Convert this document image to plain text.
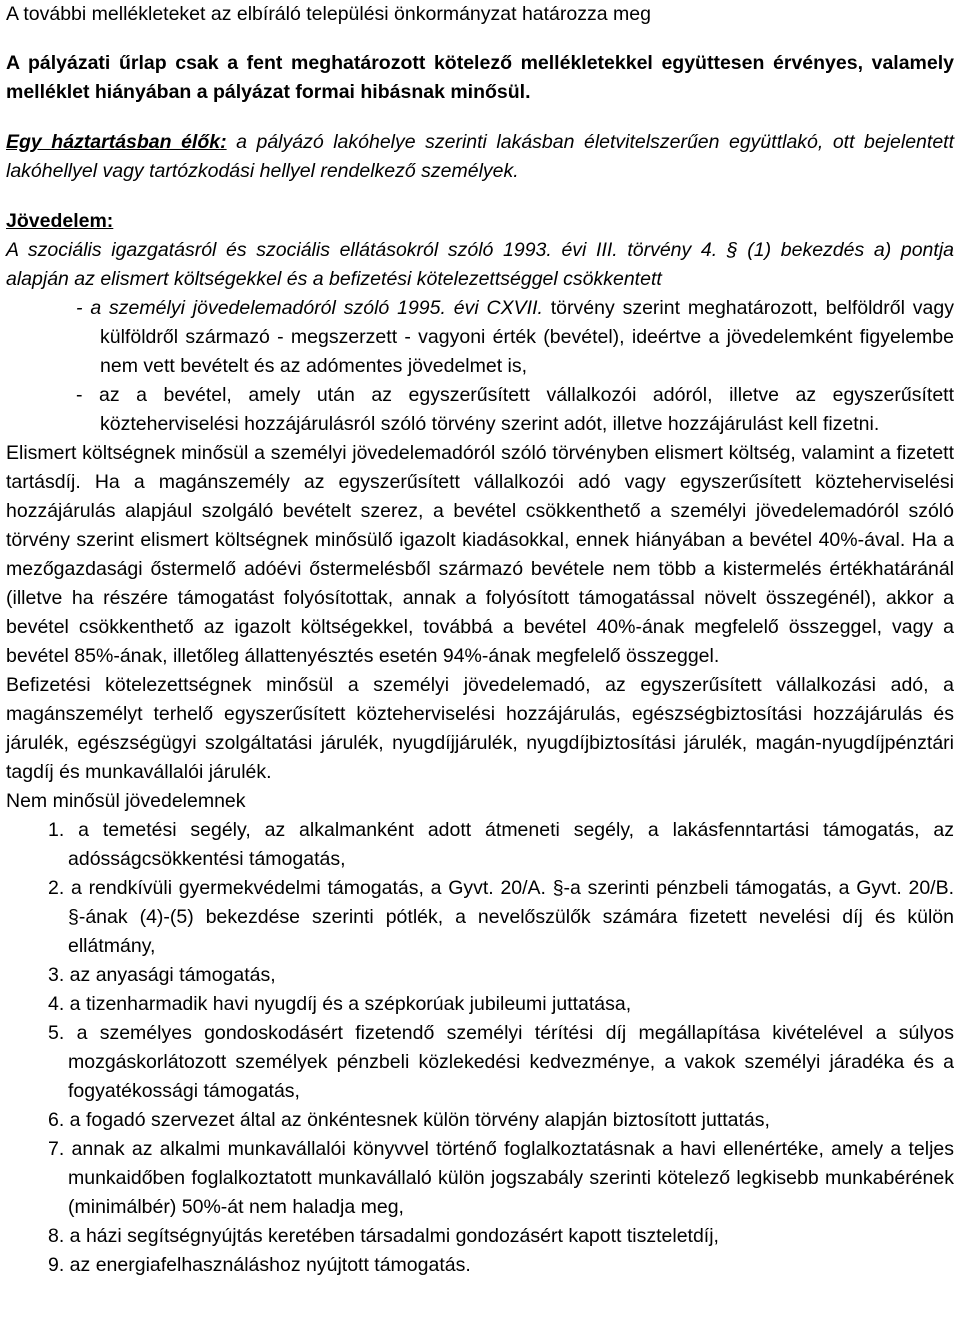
A további mellékleteket az elbíráló települési önkormányzat határozza meg

A pályázati űrlap csak a fent meghatározott kötelező mellékletekkel együttesen érvényes, valamely melléklet hiányában a pályázat formai hibásnak minősül.

Egy háztartásban élők: a pályázó lakóhelye szerinti lakásban életvitelszerűen együttlakó, ott bejelentett lakóhellyel vagy tartózkodási hellyel rendelkező személyek.

Jövedelem:

A szociális igazgatásról és szociális ellátásokról szóló 1993. évi III. törvény 4. § (1) bekezdés a) pontja alapján az elismert költségekkel és a befizetési kötelezettséggel csökkentett

- a személyi jövedelemadóról szóló 1995. évi CXVII. törvény szerint meghatározott, belföldről vagy külföldről származó - megszerzett - vagyoni érték (bevétel), ideértve a jövedelemként figyelembe nem vett bevételt és az adómentes jövedelmet is,

- az a bevétel, amely után az egyszerűsített vállalkozói adóról, illetve az egyszerűsített közteherviselési hozzájárulásról szóló törvény szerint adót, illetve hozzájárulást kell fizetni.

Elismert költségnek minősül a személyi jövedelemadóról szóló törvényben elismert költség, valamint a fizetett tartásdíj. Ha a magánszemély az egyszerűsített vállalkozói adó vagy egyszerűsített közteherviselési hozzájárulás alapjául szolgáló bevételt szerez, a bevétel csökkenthető a személyi jövedelemadóról szóló törvény szerint elismert költségnek minősülő igazolt kiadásokkal, ennek hiányában a bevétel 40%-ával. Ha a mezőgazdasági őstermelő adóévi őstermelésből származó bevétele nem több a kistermelés értékhatáránál (illetve ha részére támogatást folyósítottak, annak a folyósított támogatással növelt összegénél), akkor a bevétel csökkenthető az igazolt költségekkel, továbbá a bevétel 40%-ának megfelelő összeggel, vagy a bevétel 85%-ának, illetőleg állattenyésztés esetén 94%-ának megfelelő összeggel.

Befizetési kötelezettségnek minősül a személyi jövedelemadó, az egyszerűsített vállalkozási adó, a magánszemélyt terhelő egyszerűsített közteherviselési hozzájárulás, egészségbiztosítási hozzájárulás és járulék, egészségügyi szolgáltatási járulék, nyugdíjjárulék, nyugdíjbiztosítási járulék, magán-nyugdíjpénztári tagdíj és munkavállalói járulék.

Nem minősül jövedelemnek

1. a temetési segély, az alkalmanként adott átmeneti segély, a lakásfenntartási támogatás, az adósságcsökkentési támogatás,
2. a rendkívüli gyermekvédelmi támogatás, a Gyvt. 20/A. §-a szerinti pénzbeli támogatás, a Gyvt. 20/B. §-ának (4)-(5) bekezdése szerinti pótlék, a nevelőszülők számára fizetett nevelési díj és külön ellátmány,
3. az anyasági támogatás,
4. a tizenharmadik havi nyugdíj és a szépkorúak jubileumi juttatása,
5. a személyes gondoskodásért fizetendő személyi térítési díj megállapítása kivételével a súlyos mozgáskorlátozott személyek pénzbeli közlekedési kedvezménye, a vakok személyi járadéka és a fogyatékossági támogatás,
6. a fogadó szervezet által az önkéntesnek külön törvény alapján biztosított juttatás,
7. annak az alkalmi munkavállalói könyvvel történő foglalkoztatásnak a havi ellenértéke, amely a teljes munkaidőben foglalkoztatott munkavállaló külön jogszabály szerinti kötelező legkisebb munkabérének (minimálbér) 50%-át nem haladja meg,
8. a házi segítségnyújtás keretében társadalmi gondozásért kapott tiszteletdíj,
9. az energiafelhasználáshoz nyújtott támogatás.
